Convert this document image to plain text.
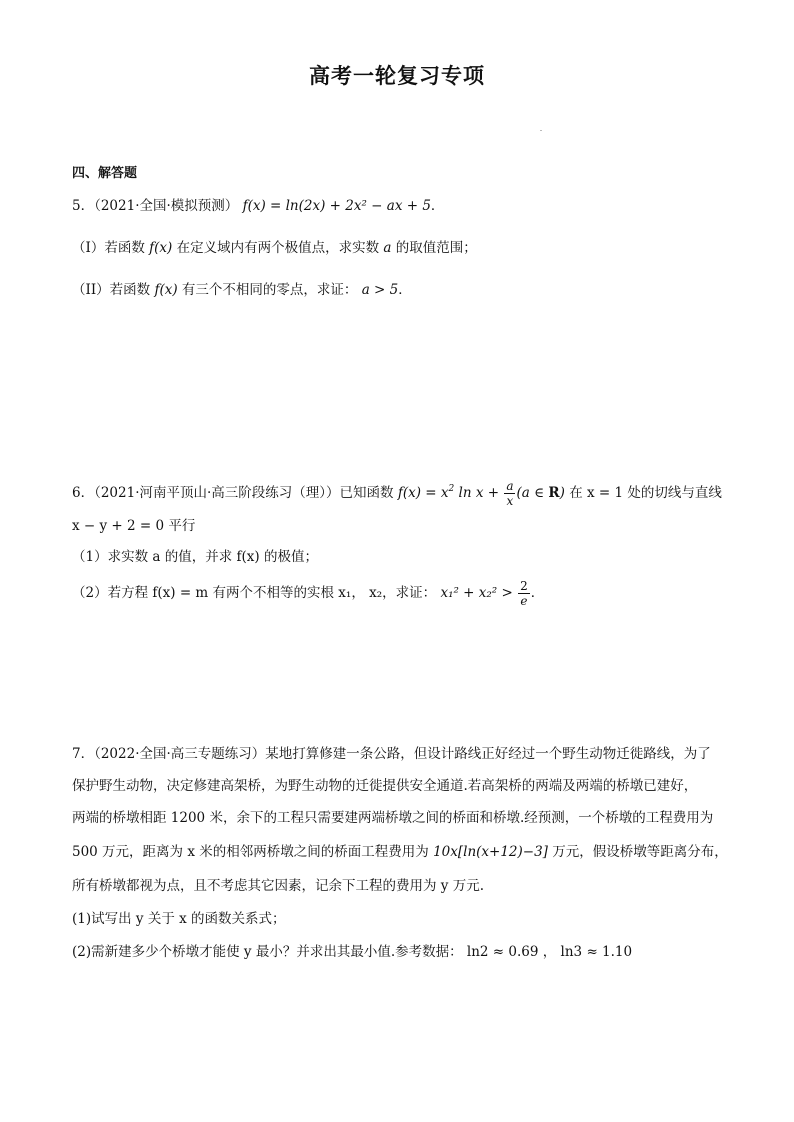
高考一轮复习专项
四、解答题
5．（2021·全国·模拟预测） f(x) = ln(2x) + 2x² − ax + 5．
（I）若函数 f(x) 在定义域内有两个极值点，求实数 a 的取值范围；
（II）若函数 f(x) 有三个不相同的零点，求证： a > 5．
6．（2021·河南平顶山·高三阶段练习（理））已知函数 $f(x) = x^2$ $\ln x + \frac{a}{x} (a$ ∈ R) 在 x = 1 处的切线与直线
x − y + 2 = 0 平行
（1）求实数 a 的值，并求 f(x) 的极值；
（2）若方程 f(x) = m 有两个不相等的实根 x₁， x₂，求证： $x_1^2 + x_2^2 > \frac{2}{e}$ ．
7．（2022·全国·高三专题练习）某地打算修建一条公路，但设计路线正好经过一个野生动物迁徙路线，为了
保护野生动物，决定修建高架桥，为野生动物的迁徙提供安全通道.若高架桥的两端及两端的桥墩已建好，
两端的桥墩相距 1200 米，余下的工程只需要建两端桥墩之间的桥面和桥墩.经预测，一个桥墩的工程费用为
500 万元，距离为 x 米的相邻两桥墩之间的桥面工程费用为 10x[ln(x+12)−3] 万元，假设桥墩等距离分布，
所有桥墩都视为点，且不考虑其它因素，记余下工程的费用为 y 万元.
(1)试写出 y 关于 x 的函数关系式；
(2)需新建多少个桥墩才能使 y 最小？并求出其最小值.参考数据： ln2 ≈ 0.69 ， ln3 ≈ 1.10
